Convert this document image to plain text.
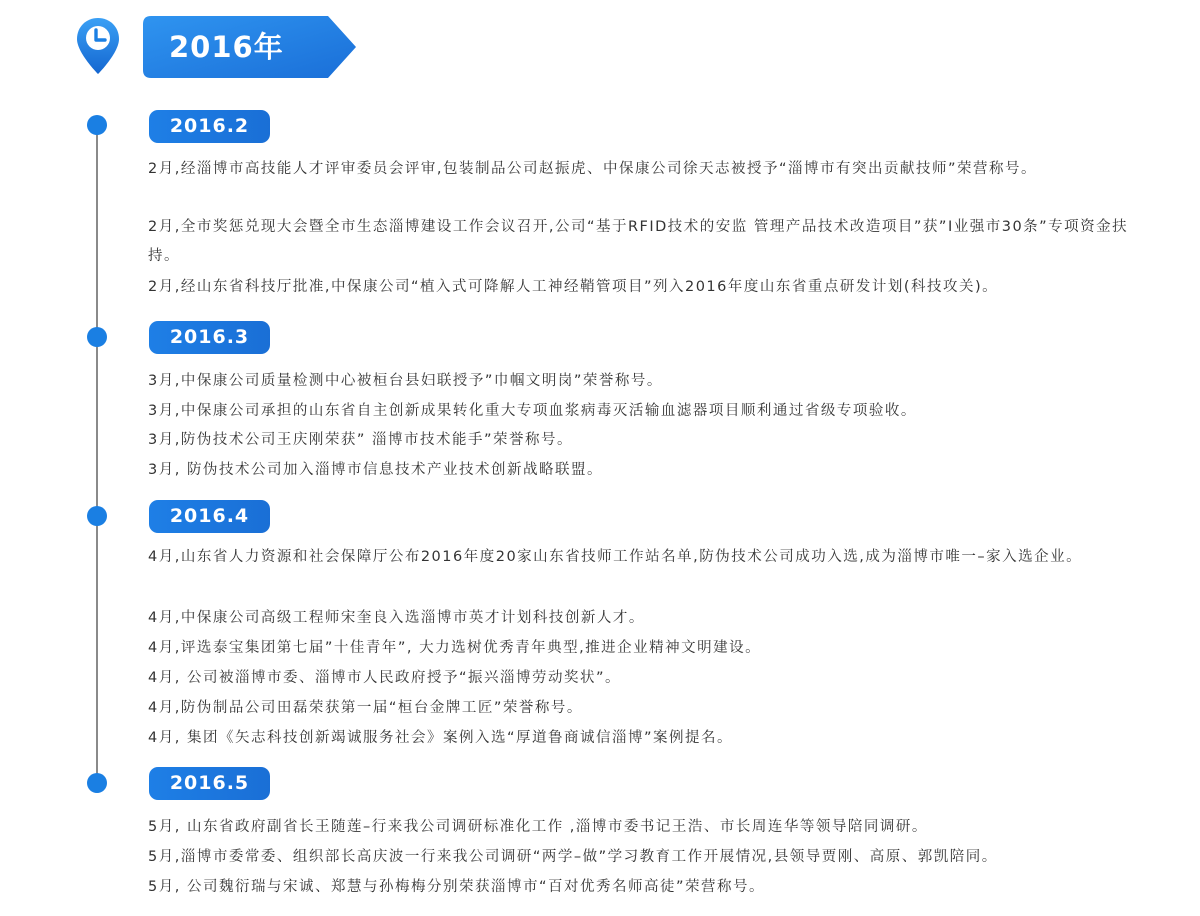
2016年
2016.2
2月,经淄博市高技能人才评审委员会评审,包装制品公司赵振虎、中保康公司徐天志被授予“淄博市有突出贡献技师”荣营称号。
2月,全市奖惩兑现大会暨全市生态淄博建设工作会议召开,公司“基于RFID技术的安监 管理产品技术改造项目”获”I业强市30条”专项资金扶持。
2月,经山东省科技厅批准,中保康公司“植入式可降解人工神经鞘管项目”列入2016年度山东省重点研发计划(科技攻关)。
2016.3
3月,中保康公司质量检测中心被桓台县妇联授予”巾帼文明岗”荣誉称号。
3月,中保康公司承担的山东省自主创新成果转化重大专项血浆病毒灭活输血滤器项目顺利通过省级专项验收。
3月,防伪技术公司王庆刚荣获” 淄博市技术能手”荣誉称号。
3月, 防伪技术公司加入淄博市信息技术产业技术创新战略联盟。
2016.4
4月,山东省人力资源和社会保障厅公布2016年度20家山东省技师工作站名单,防伪技术公司成功入选,成为淄博市唯一–家入选企业。
4月,中保康公司高级工程师宋奎良入选淄博市英才计划科技创新人才。
4月,评选泰宝集团第七届”十佳青年”, 大力选树优秀青年典型,推进企业精神文明建设。
4月, 公司被淄博市委、淄博市人民政府授予“振兴淄博劳动奖状”。
4月,防伪制品公司田磊荣获第一届“桓台金牌工匠”荣誉称号。
4月, 集团《矢志科技创新竭诚服务社会》案例入选“厚道鲁商诚信淄博”案例提名。
2016.5
5月, 山东省政府副省长王随莲–行来我公司调研标准化工作 ,淄博市委书记王浩、市长周连华等领导陪同调研。
5月,淄博市委常委、组织部长高庆波一行来我公司调研“两学–做”学习教育工作开展情况,县领导贾刚、高原、郭凯陪同。
5月, 公司魏衍瑞与宋诚、郑慧与孙梅梅分别荣获淄博市“百对优秀名师高徒”荣营称号。
